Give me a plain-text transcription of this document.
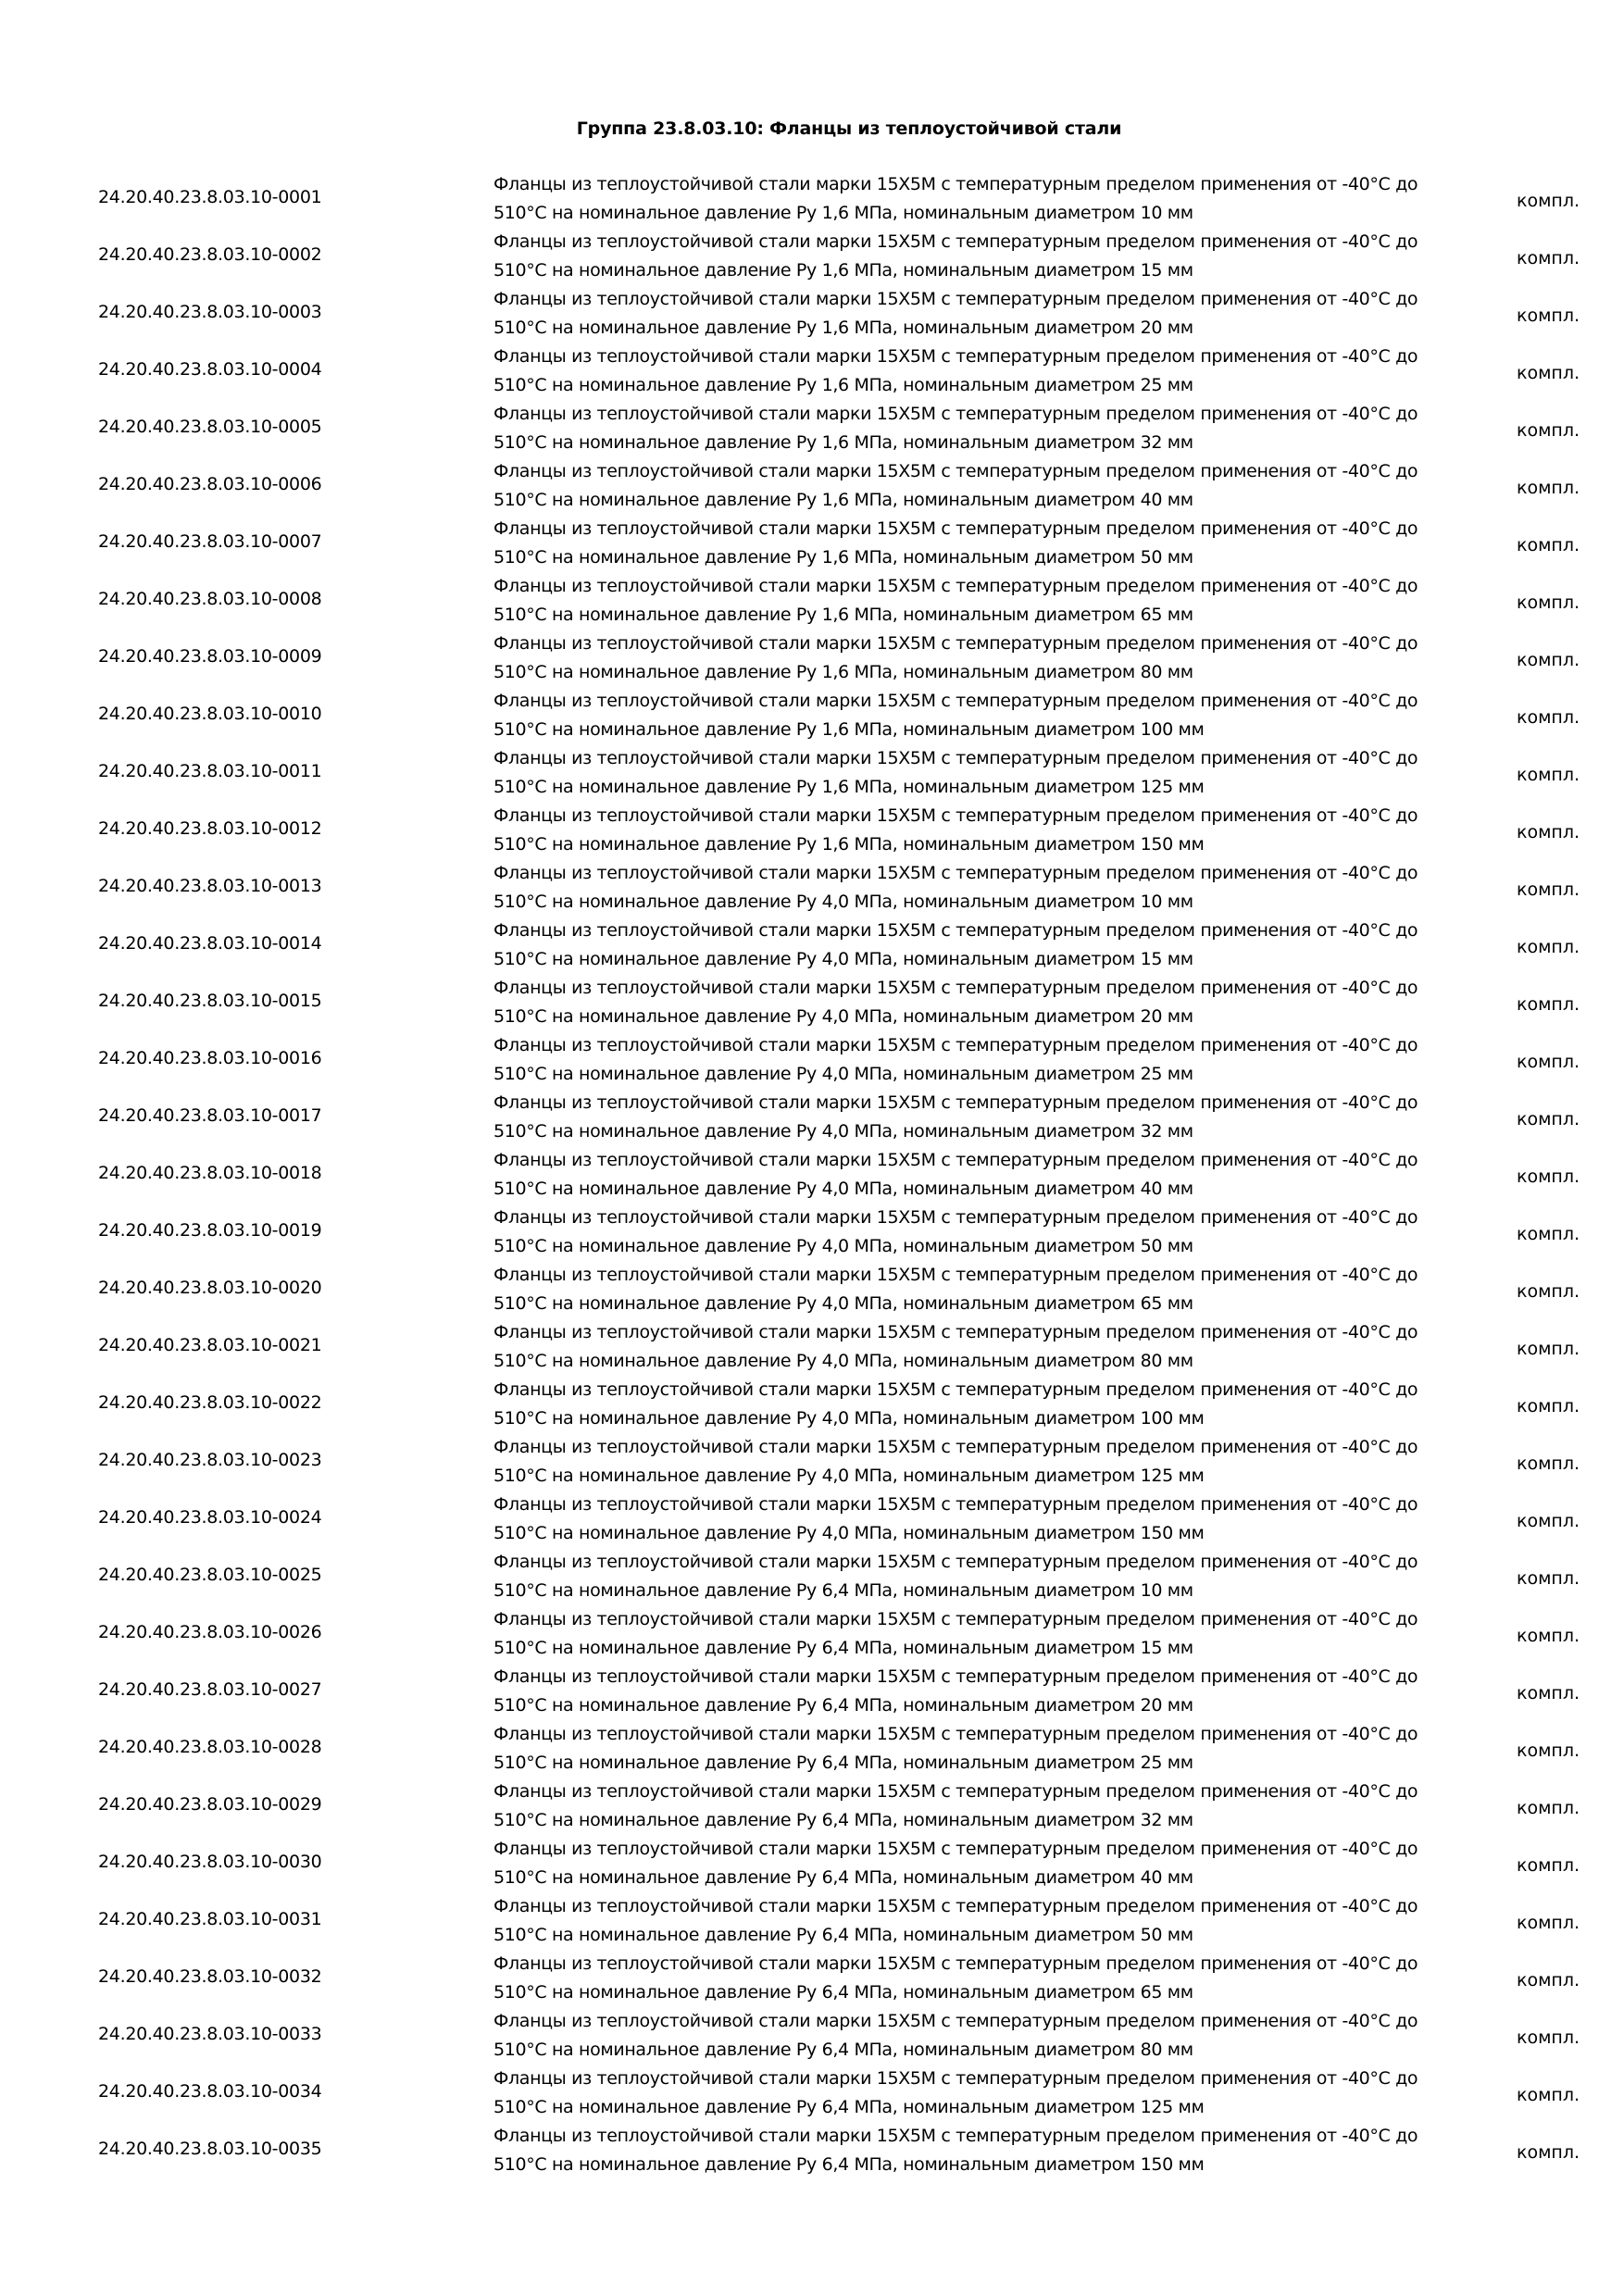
Группа 23.8.03.10: Фланцы из теплоустойчивой стали
24.20.40.23.8.03.10-0001
Фланцы из теплоустойчивой стали марки 15Х5М с температурным пределом применения от -40°С до
510°С на номинальное давление Ру 1,6 МПа, номинальным диаметром 10 мм
компл.
24.20.40.23.8.03.10-0002
Фланцы из теплоустойчивой стали марки 15Х5М с температурным пределом применения от -40°С до
510°С на номинальное давление Ру 1,6 МПа, номинальным диаметром 15 мм
компл.
24.20.40.23.8.03.10-0003
Фланцы из теплоустойчивой стали марки 15Х5М с температурным пределом применения от -40°С до
510°С на номинальное давление Ру 1,6 МПа, номинальным диаметром 20 мм
компл.
24.20.40.23.8.03.10-0004
Фланцы из теплоустойчивой стали марки 15Х5М с температурным пределом применения от -40°С до
510°С на номинальное давление Ру 1,6 МПа, номинальным диаметром 25 мм
компл.
24.20.40.23.8.03.10-0005
Фланцы из теплоустойчивой стали марки 15Х5М с температурным пределом применения от -40°С до
510°С на номинальное давление Ру 1,6 МПа, номинальным диаметром 32 мм
компл.
24.20.40.23.8.03.10-0006
Фланцы из теплоустойчивой стали марки 15Х5М с температурным пределом применения от -40°С до
510°С на номинальное давление Ру 1,6 МПа, номинальным диаметром 40 мм
компл.
24.20.40.23.8.03.10-0007
Фланцы из теплоустойчивой стали марки 15Х5М с температурным пределом применения от -40°С до
510°С на номинальное давление Ру 1,6 МПа, номинальным диаметром 50 мм
компл.
24.20.40.23.8.03.10-0008
Фланцы из теплоустойчивой стали марки 15Х5М с температурным пределом применения от -40°С до
510°С на номинальное давление Ру 1,6 МПа, номинальным диаметром 65 мм
компл.
24.20.40.23.8.03.10-0009
Фланцы из теплоустойчивой стали марки 15Х5М с температурным пределом применения от -40°С до
510°С на номинальное давление Ру 1,6 МПа, номинальным диаметром 80 мм
компл.
24.20.40.23.8.03.10-0010
Фланцы из теплоустойчивой стали марки 15Х5М с температурным пределом применения от -40°С до
510°С на номинальное давление Ру 1,6 МПа, номинальным диаметром 100 мм
компл.
24.20.40.23.8.03.10-0011
Фланцы из теплоустойчивой стали марки 15Х5М с температурным пределом применения от -40°С до
510°С на номинальное давление Ру 1,6 МПа, номинальным диаметром 125 мм
компл.
24.20.40.23.8.03.10-0012
Фланцы из теплоустойчивой стали марки 15Х5М с температурным пределом применения от -40°С до
510°С на номинальное давление Ру 1,6 МПа, номинальным диаметром 150 мм
компл.
24.20.40.23.8.03.10-0013
Фланцы из теплоустойчивой стали марки 15Х5М с температурным пределом применения от -40°С до
510°С на номинальное давление Ру 4,0 МПа, номинальным диаметром 10 мм
компл.
24.20.40.23.8.03.10-0014
Фланцы из теплоустойчивой стали марки 15Х5М с температурным пределом применения от -40°С до
510°С на номинальное давление Ру 4,0 МПа, номинальным диаметром 15 мм
компл.
24.20.40.23.8.03.10-0015
Фланцы из теплоустойчивой стали марки 15Х5М с температурным пределом применения от -40°С до
510°С на номинальное давление Ру 4,0 МПа, номинальным диаметром 20 мм
компл.
24.20.40.23.8.03.10-0016
Фланцы из теплоустойчивой стали марки 15Х5М с температурным пределом применения от -40°С до
510°С на номинальное давление Ру 4,0 МПа, номинальным диаметром 25 мм
компл.
24.20.40.23.8.03.10-0017
Фланцы из теплоустойчивой стали марки 15Х5М с температурным пределом применения от -40°С до
510°С на номинальное давление Ру 4,0 МПа, номинальным диаметром 32 мм
компл.
24.20.40.23.8.03.10-0018
Фланцы из теплоустойчивой стали марки 15Х5М с температурным пределом применения от -40°С до
510°С на номинальное давление Ру 4,0 МПа, номинальным диаметром 40 мм
компл.
24.20.40.23.8.03.10-0019
Фланцы из теплоустойчивой стали марки 15Х5М с температурным пределом применения от -40°С до
510°С на номинальное давление Ру 4,0 МПа, номинальным диаметром 50 мм
компл.
24.20.40.23.8.03.10-0020
Фланцы из теплоустойчивой стали марки 15Х5М с температурным пределом применения от -40°С до
510°С на номинальное давление Ру 4,0 МПа, номинальным диаметром 65 мм
компл.
24.20.40.23.8.03.10-0021
Фланцы из теплоустойчивой стали марки 15Х5М с температурным пределом применения от -40°С до
510°С на номинальное давление Ру 4,0 МПа, номинальным диаметром 80 мм
компл.
24.20.40.23.8.03.10-0022
Фланцы из теплоустойчивой стали марки 15Х5М с температурным пределом применения от -40°С до
510°С на номинальное давление Ру 4,0 МПа, номинальным диаметром 100 мм
компл.
24.20.40.23.8.03.10-0023
Фланцы из теплоустойчивой стали марки 15Х5М с температурным пределом применения от -40°С до
510°С на номинальное давление Ру 4,0 МПа, номинальным диаметром 125 мм
компл.
24.20.40.23.8.03.10-0024
Фланцы из теплоустойчивой стали марки 15Х5М с температурным пределом применения от -40°С до
510°С на номинальное давление Ру 4,0 МПа, номинальным диаметром 150 мм
компл.
24.20.40.23.8.03.10-0025
Фланцы из теплоустойчивой стали марки 15Х5М с температурным пределом применения от -40°С до
510°С на номинальное давление Ру 6,4 МПа, номинальным диаметром 10 мм
компл.
24.20.40.23.8.03.10-0026
Фланцы из теплоустойчивой стали марки 15Х5М с температурным пределом применения от -40°С до
510°С на номинальное давление Ру 6,4 МПа, номинальным диаметром 15 мм
компл.
24.20.40.23.8.03.10-0027
Фланцы из теплоустойчивой стали марки 15Х5М с температурным пределом применения от -40°С до
510°С на номинальное давление Ру 6,4 МПа, номинальным диаметром 20 мм
компл.
24.20.40.23.8.03.10-0028
Фланцы из теплоустойчивой стали марки 15Х5М с температурным пределом применения от -40°С до
510°С на номинальное давление Ру 6,4 МПа, номинальным диаметром 25 мм
компл.
24.20.40.23.8.03.10-0029
Фланцы из теплоустойчивой стали марки 15Х5М с температурным пределом применения от -40°С до
510°С на номинальное давление Ру 6,4 МПа, номинальным диаметром 32 мм
компл.
24.20.40.23.8.03.10-0030
Фланцы из теплоустойчивой стали марки 15Х5М с температурным пределом применения от -40°С до
510°С на номинальное давление Ру 6,4 МПа, номинальным диаметром 40 мм
компл.
24.20.40.23.8.03.10-0031
Фланцы из теплоустойчивой стали марки 15Х5М с температурным пределом применения от -40°С до
510°С на номинальное давление Ру 6,4 МПа, номинальным диаметром 50 мм
компл.
24.20.40.23.8.03.10-0032
Фланцы из теплоустойчивой стали марки 15Х5М с температурным пределом применения от -40°С до
510°С на номинальное давление Ру 6,4 МПа, номинальным диаметром 65 мм
компл.
24.20.40.23.8.03.10-0033
Фланцы из теплоустойчивой стали марки 15Х5М с температурным пределом применения от -40°С до
510°С на номинальное давление Ру 6,4 МПа, номинальным диаметром 80 мм
компл.
24.20.40.23.8.03.10-0034
Фланцы из теплоустойчивой стали марки 15Х5М с температурным пределом применения от -40°С до
510°С на номинальное давление Ру 6,4 МПа, номинальным диаметром 125 мм
компл.
24.20.40.23.8.03.10-0035
Фланцы из теплоустойчивой стали марки 15Х5М с температурным пределом применения от -40°С до
510°С на номинальное давление Ру 6,4 МПа, номинальным диаметром 150 мм
компл.
